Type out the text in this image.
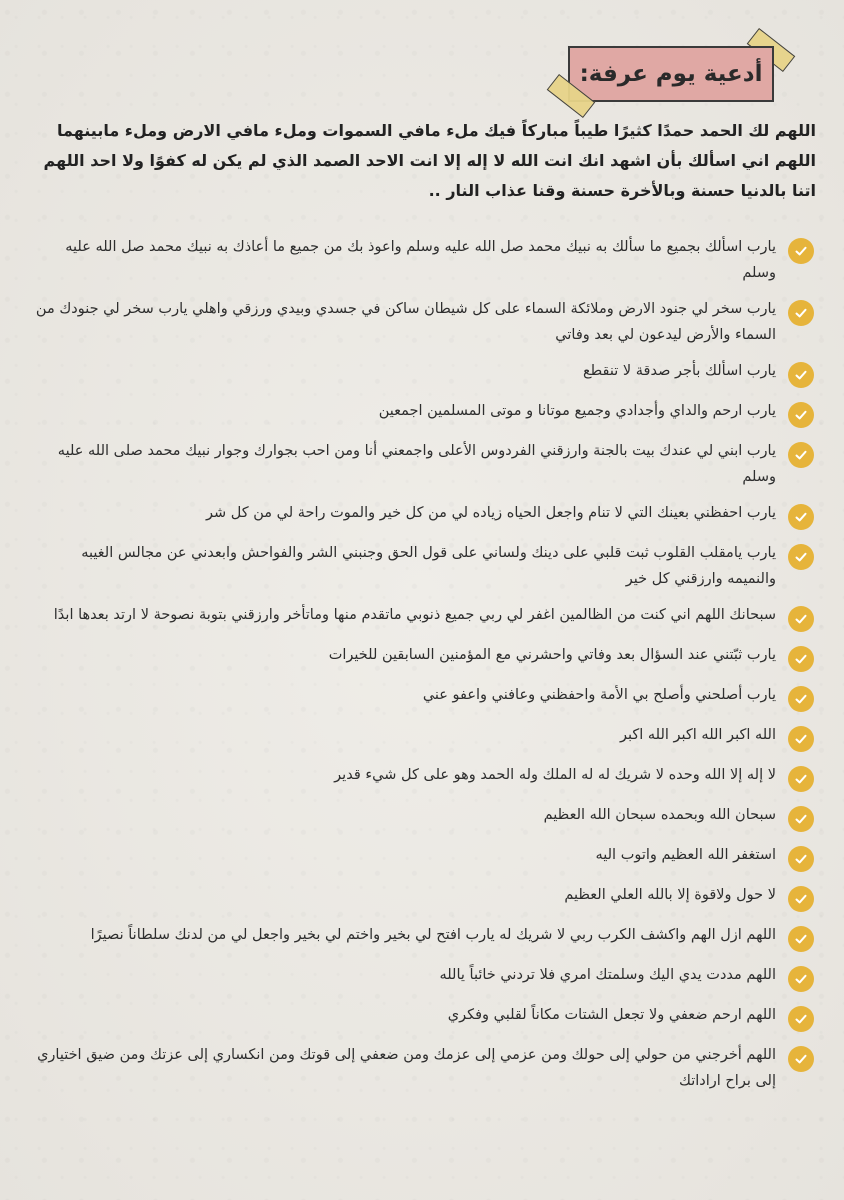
أدعية يوم عرفة:
اللهم لك الحمد حمدًا كثيرًا طيباً مباركاً فيك ملء مافي السموات وملء مافي الارض وملء مابينهما اللهم اني اسألك بأن اشهد انك انت الله لا إله إلا انت الاحد الصمد الذي لم يكن له كفوًا ولا احد اللهم اتنا بالدنيا حسنة وبالأخرة حسنة وقنا عذاب النار ..
يارب اسألك بجميع ما سألك به نبيك محمد صل الله عليه وسلم واعوذ بك من جميع ما أعاذك به نبيك محمد صل الله عليه وسلم
يارب سخر لي جنود الارض وملائكة السماء على كل شيطان ساكن في جسدي وبيدي ورزقي واهلي يارب سخر لي جنودك من السماء والأرض ليدعون لي بعد وفاتي
يارب اسألك بأجر صدقة لا تنقطع
يارب ارحم والداي وأجدادي وجميع موتانا و موتى المسلمين اجمعين
يارب ابني لي عندك بيت بالجنة وارزقني الفردوس الأعلى واجمعني أنا ومن احب بجوارك وجوار نبيك محمد صلى الله عليه وسلم
يارب احفظني بعينك التي لا تنام واجعل الحياه زياده لي من كل خير والموت راحة لي من كل شر
يارب يامقلب القلوب ثبت قلبي على دينك ولساني على قول الحق وجنبني الشر والفواحش وابعدني عن مجالس الغيبه والنميمه وارزقني كل خير
سبحانك اللهم اني كنت من الظالمين اغفر لي ربي جميع ذنوبي ماتقدم منها وماتأخر وارزقني بتوبة نصوحة لا ارتد بعدها ابدًا
يارب ثبّتني عند السؤال بعد وفاتي واحشرني مع المؤمنين السابقين للخيرات
يارب أصلحني وأصلح بي الأمة واحفظني وعافني واعفو عني
الله اكبر الله اكبر الله اكبر
لا إله إلا الله وحده لا شريك له له الملك وله الحمد وهو على كل شيء قدير
سبحان الله وبحمده سبحان الله العظيم
استغفر الله العظيم واتوب اليه
لا حول ولاقوة إلا بالله العلي العظيم
اللهم ازل الهم واكشف الكرب ربي لا شريك له يارب افتح لي بخير واختم لي بخير واجعل لي من لدنك سلطاناً نصيرًا
اللهم مددت يدي اليك وسلمتك امري فلا تردني خائباً يالله
اللهم ارحم ضعفي ولا تجعل الشتات مكاناً لقلبي وفكري
اللهم أخرجني من حولي إلى حولك ومن عزمي إلى عزمك ومن ضعفي إلى قوتك ومن انكساري إلى عزتك ومن ضيق اختياري إلى براح اراداتك
